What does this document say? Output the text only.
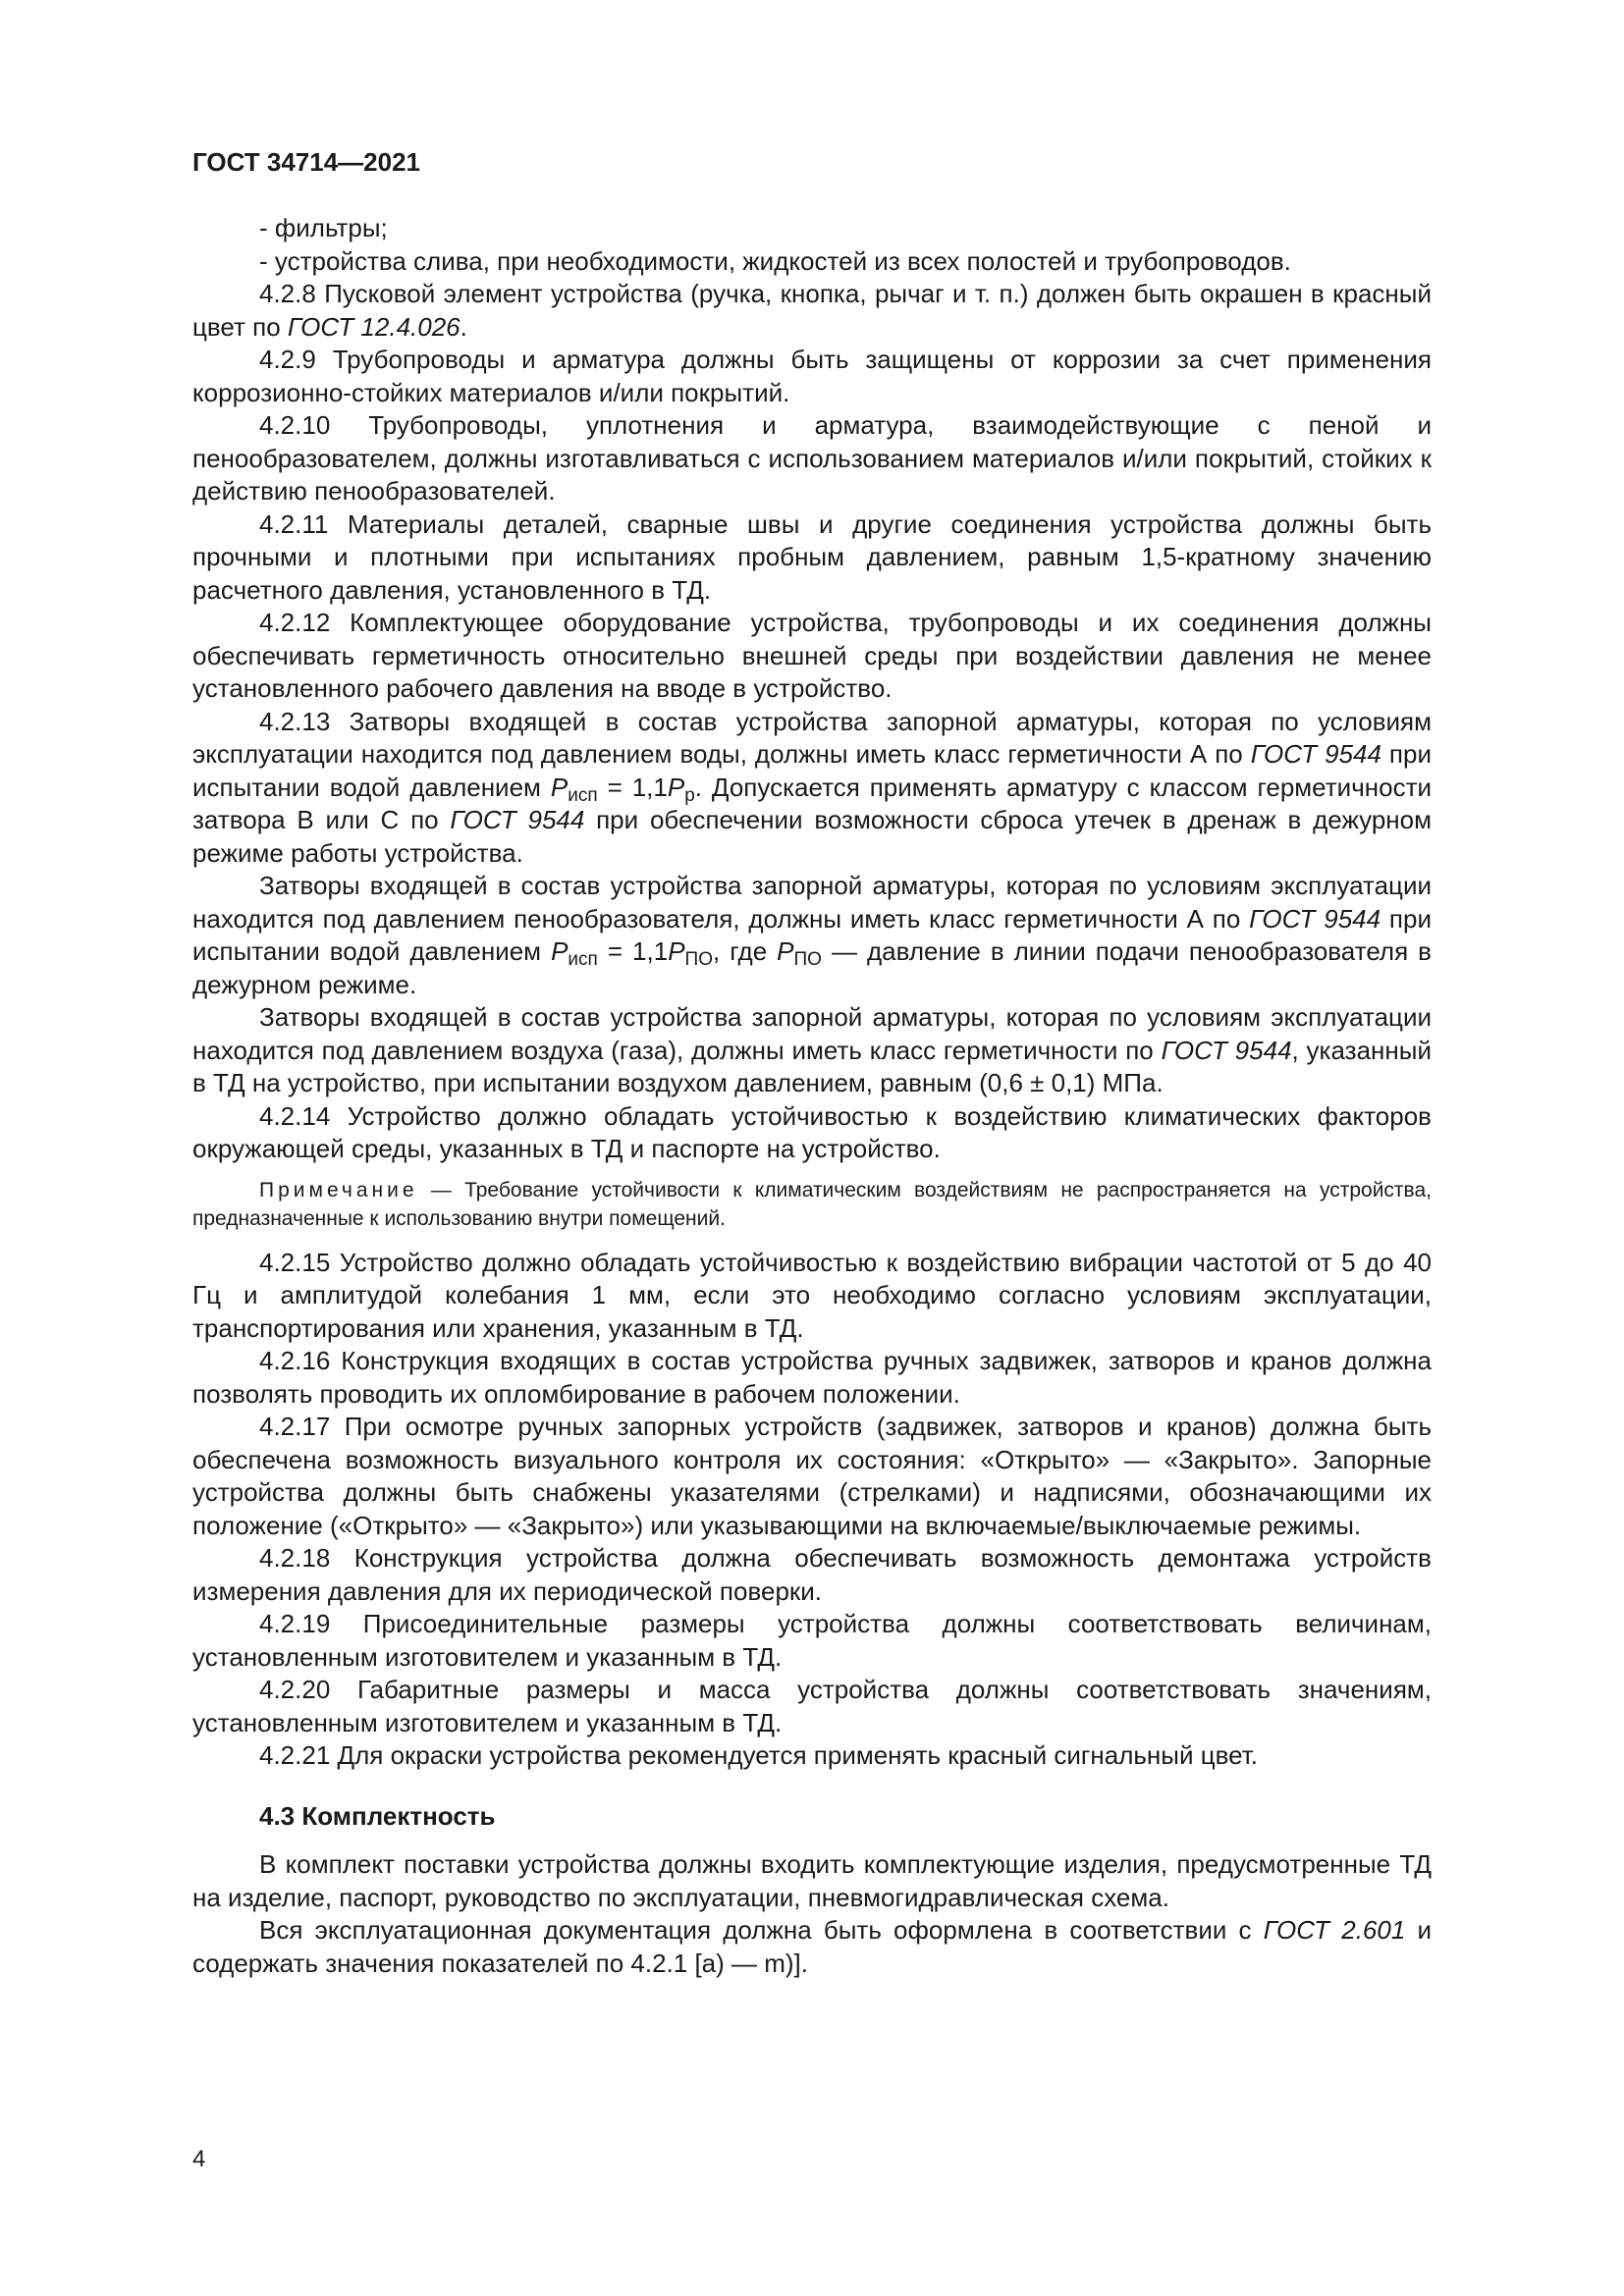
ГОСТ 34714—2021

- фильтры;

- устройства слива, при необходимости, жидкостей из всех полостей и трубопроводов.

4.2.8 Пусковой элемент устройства (ручка, кнопка, рычаг и т. п.) должен быть окрашен в красный цвет по ГОСТ 12.4.026.

4.2.9 Трубопроводы и арматура должны быть защищены от коррозии за счет применения коррозионно-стойких материалов и/или покрытий.

4.2.10 Трубопроводы, уплотнения и арматура, взаимодействующие с пеной и пенообразователем, должны изготавливаться с использованием материалов и/или покрытий, стойких к действию пенообразователей.

4.2.11 Материалы деталей, сварные швы и другие соединения устройства должны быть прочными и плотными при испытаниях пробным давлением, равным 1,5-кратному значению расчетного давления, установленного в ТД.

4.2.12 Комплектующее оборудование устройства, трубопроводы и их соединения должны обеспечивать герметичность относительно внешней среды при воздействии давления не менее установленного рабочего давления на вводе в устройство.

4.2.13 Затворы входящей в состав устройства запорной арматуры, которая по условиям эксплуатации находится под давлением воды, должны иметь класс герметичности А по ГОСТ 9544 при испытании водой давлением $P_{исп} = 1,1P_р$. Допускается применять арматуру с классом герметичности затвора В или С по ГОСТ 9544 при обеспечении возможности сброса утечек в дренаж в дежурном режиме работы устройства.

Затворы входящей в состав устройства запорной арматуры, которая по условиям эксплуатации находится под давлением пенообразователя, должны иметь класс герметичности А по ГОСТ 9544 при испытании водой давлением $P_{исп} = 1,1P_{ПО}$, где $P_{ПО}$ — давление в линии подачи пенообразователя в дежурном режиме.

Затворы входящей в состав устройства запорной арматуры, которая по условиям эксплуатации находится под давлением воздуха (газа), должны иметь класс герметичности по ГОСТ 9544, указанный в ТД на устройство, при испытании воздухом давлением, равным (0,6 ± 0,1) МПа.

4.2.14 Устройство должно обладать устойчивостью к воздействию климатических факторов окружающей среды, указанных в ТД и паспорте на устройство.

Примечание — Требование устойчивости к климатическим воздействиям не распространяется на устройства, предназначенные к использованию внутри помещений.

4.2.15 Устройство должно обладать устойчивостью к воздействию вибрации частотой от 5 до 40 Гц и амплитудой колебания 1 мм, если это необходимо согласно условиям эксплуатации, транспортирования или хранения, указанным в ТД.

4.2.16 Конструкция входящих в состав устройства ручных задвижек, затворов и кранов должна позволять проводить их опломбирование в рабочем положении.

4.2.17 При осмотре ручных запорных устройств (задвижек, затворов и кранов) должна быть обеспечена возможность визуального контроля их состояния: «Открыто» — «Закрыто». Запорные устройства должны быть снабжены указателями (стрелками) и надписями, обозначающими их положение («Открыто» — «Закрыто») или указывающими на включаемые/выключаемые режимы.

4.2.18 Конструкция устройства должна обеспечивать возможность демонтажа устройств измерения давления для их периодической поверки.

4.2.19 Присоединительные размеры устройства должны соответствовать величинам, установленным изготовителем и указанным в ТД.

4.2.20 Габаритные размеры и масса устройства должны соответствовать значениям, установленным изготовителем и указанным в ТД.

4.2.21 Для окраски устройства рекомендуется применять красный сигнальный цвет.

4.3 Комплектность

В комплект поставки устройства должны входить комплектующие изделия, предусмотренные ТД на изделие, паспорт, руководство по эксплуатации, пневмогидравлическая схема.

Вся эксплуатационная документация должна быть оформлена в соответствии с ГОСТ 2.601 и содержать значения показателей по 4.2.1 [a) — m)].

4
